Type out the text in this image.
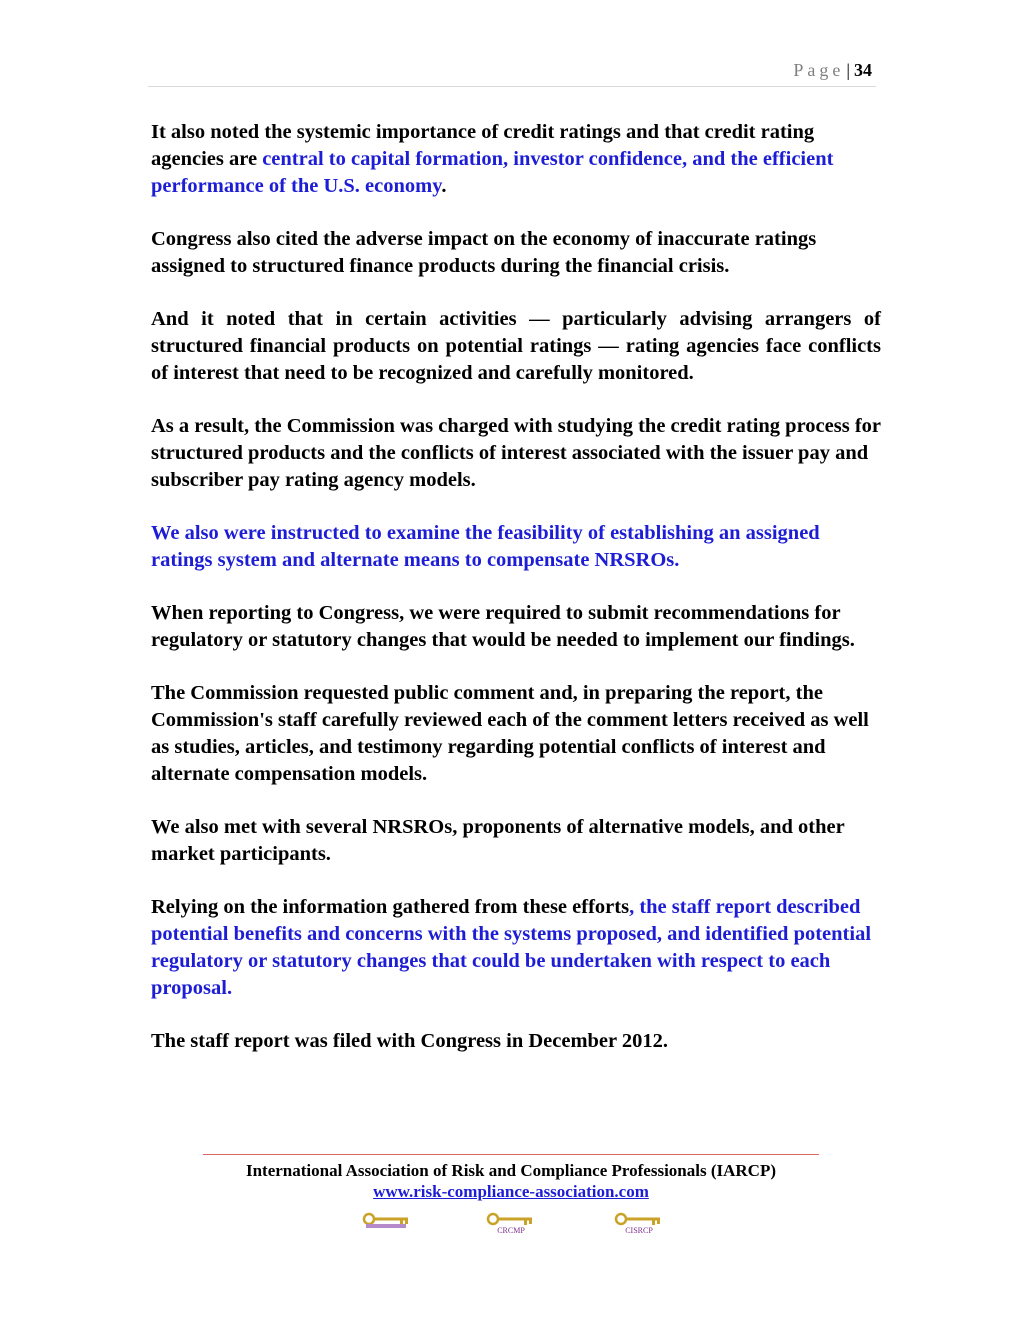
Page | 34

It also noted the systemic importance of credit ratings and that credit rating agencies are central to capital formation, investor confidence, and the efficient performance of the U.S. economy.

Congress also cited the adverse impact on the economy of inaccurate ratings assigned to structured finance products during the financial crisis.

And it noted that in certain activities — particularly advising arrangers of structured financial products on potential ratings — rating agencies face conflicts of interest that need to be recognized and carefully monitored.

As a result, the Commission was charged with studying the credit rating process for structured products and the conflicts of interest associated with the issuer pay and subscriber pay rating agency models.

We also were instructed to examine the feasibility of establishing an assigned ratings system and alternate means to compensate NRSROs.

When reporting to Congress, we were required to submit recommendations for regulatory or statutory changes that would be needed to implement our findings.

The Commission requested public comment and, in preparing the report, the Commission's staff carefully reviewed each of the comment letters received as well as studies, articles, and testimony regarding potential conflicts of interest and alternate compensation models.

We also met with several NRSROs, proponents of alternative models, and other market participants.

Relying on the information gathered from these efforts, the staff report described potential benefits and concerns with the systems proposed, and identified potential regulatory or statutory changes that could be undertaken with respect to each proposal.

The staff report was filed with Congress in December 2012.

International Association of Risk and Compliance Professionals (IARCP)
www.risk-compliance-association.com
CRCMP	CISRCP
